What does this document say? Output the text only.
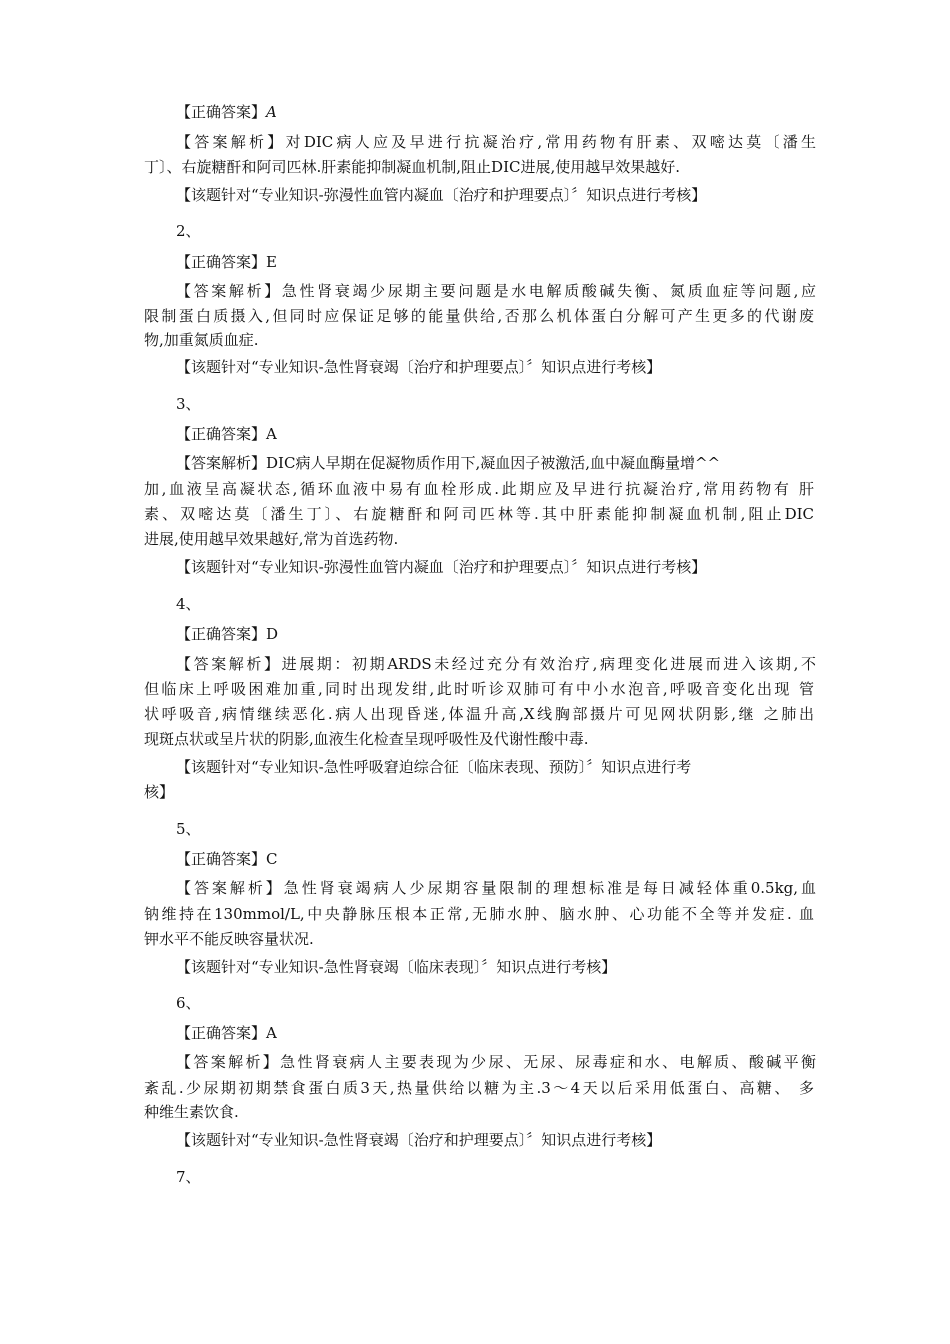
【正确答案】A
【答案解析】对DIC病人应及早进行抗凝治疗,常用药物有肝素、双嘧达莫〔潘生
丁〕、右旋糖酐和阿司匹林.肝素能抑制凝血机制,阻止DIC进展,使用越早效果越好.
【该题针对“专业知识-弥漫性血管内凝血〔治疗和护理要点〕〞知识点进行考核】
2、
【正确答案】E
【答案解析】急性肾衰竭少尿期主要问题是水电解质酸碱失衡、氮质血症等问题,应
限制蛋白质摄入,但同时应保证足够的能量供给,否那么机体蛋白分解可产生更多的代谢废
物,加重氮质血症.
【该题针对“专业知识-急性肾衰竭〔治疗和护理要点〕〞知识点进行考核】
3、
【正确答案】A
【答案解析】DIC病人早期在促凝物质作用下,凝血因子被激活,血中凝血酶量增^^
加,血液呈高凝状态,循环血液中易有血栓形成.此期应及早进行抗凝治疗,常用药物有 肝
素、双嘧达莫〔潘生丁〕、右旋糖酐和阿司匹林等.其中肝素能抑制凝血机制,阻止DIC
进展,使用越早效果越好,常为首选药物.
【该题针对“专业知识-弥漫性血管内凝血〔治疗和护理要点〕〞知识点进行考核】
4、
【正确答案】D
【答案解析】进展期：初期ARDS未经过充分有效治疗,病理变化进展而进入该期,不
但临床上呼吸困难加重,同时出现发绀,此时听诊双肺可有中小水泡音,呼吸音变化出现 管
状呼吸音,病情继续恶化.病人出现昏迷,体温升高,X线胸部摄片可见网状阴影,继 之肺出
现斑点状或呈片状的阴影,血液生化检查呈现呼吸性及代谢性酸中毒.
【该题针对“专业知识-急性呼吸窘迫综合征〔临床表现、预防〕〞知识点进行考
核】
5、
【正确答案】C
【答案解析】急性肾衰竭病人少尿期容量限制的理想标准是每日减轻体重0.5kg,血
钠维持在130mmol/L,中央静脉压根本正常,无肺水肿、脑水肿、心功能不全等并发症. 血
钾水平不能反映容量状况.
【该题针对“专业知识-急性肾衰竭〔临床表现〕〞知识点进行考核】
6、
【正确答案】A
【答案解析】急性肾衰病人主要表现为少尿、无尿、尿毒症和水、电解质、酸碱平衡
紊乱.少尿期初期禁食蛋白质3天,热量供给以糖为主.3〜4天以后采用低蛋白、高糖、 多
种维生素饮食.
【该题针对“专业知识-急性肾衰竭〔治疗和护理要点〕〞知识点进行考核】
7、
